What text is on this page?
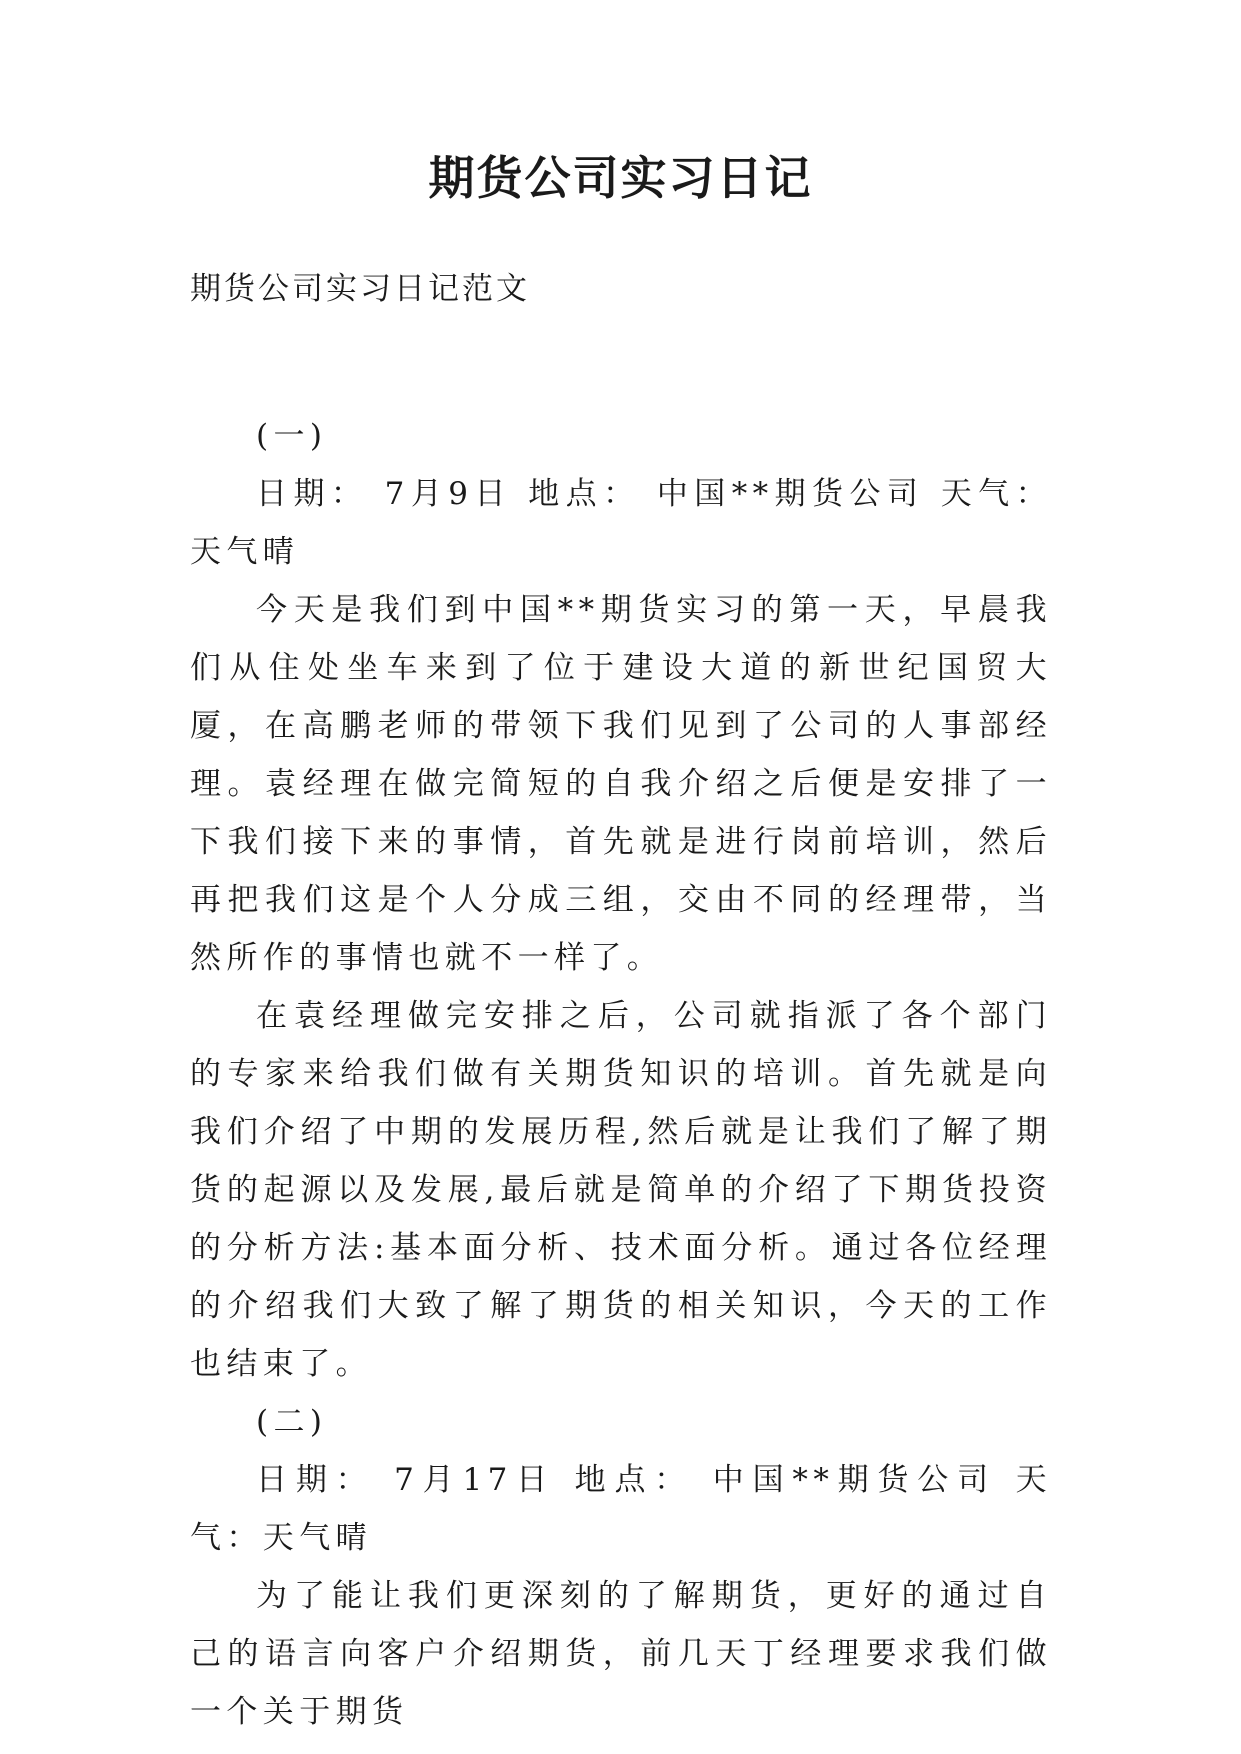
期货公司实习日记
期货公司实习日记范文

(一)

日期： 7月9日 地点： 中国**期货公司 天气：天气晴

今天是我们到中国**期货实习的第一天，早晨我们从住处坐车来到了位于建设大道的新世纪国贸大厦，在高鹏老师的带领下我们见到了公司的人事部经理。袁经理在做完简短的自我介绍之后便是安排了一下我们接下来的事情，首先就是进行岗前培训，然后再把我们这是个人分成三组，交由不同的经理带，当然所作的事情也就不一样了。

在袁经理做完安排之后，公司就指派了各个部门的专家来给我们做有关期货知识的培训。首先就是向我们介绍了中期的发展历程,然后就是让我们了解了期货的起源以及发展,最后就是简单的介绍了下期货投资的分析方法:基本面分析、技术面分析。通过各位经理的介绍我们大致了解了期货的相关知识，今天的工作也结束了。

(二)

日期： 7月17日 地点： 中国**期货公司 天气：天气晴

为了能让我们更深刻的了解期货，更好的通过自己的语言向客户介绍期货，前几天丁经理要求我们做一个关于期货
